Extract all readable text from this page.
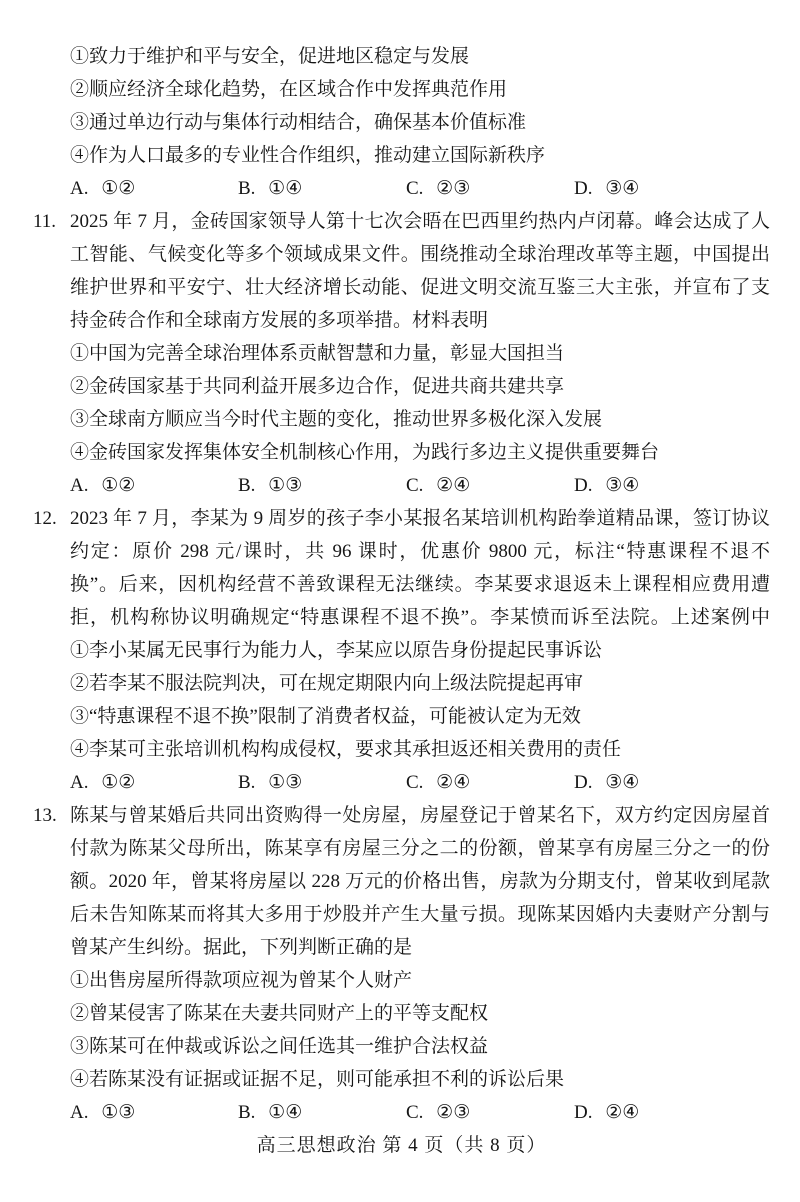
①致力于维护和平与安全，促进地区稳定与发展
②顺应经济全球化趋势，在区域合作中发挥典范作用
③通过单边行动与集体行动相结合，确保基本价值标准
④作为人口最多的专业性合作组织，推动建立国际新秩序
A. ①②	B. ①④	C. ②③	D. ③④
11. 2025 年 7 月，金砖国家领导人第十七次会晤在巴西里约热内卢闭幕。峰会达成了人
工智能、气候变化等多个领域成果文件。围绕推动全球治理改革等主题，中国提出
维护世界和平安宁、壮大经济增长动能、促进文明交流互鉴三大主张，并宣布了支
持金砖合作和全球南方发展的多项举措。材料表明
①中国为完善全球治理体系贡献智慧和力量，彰显大国担当
②金砖国家基于共同利益开展多边合作，促进共商共建共享
③全球南方顺应当今时代主题的变化，推动世界多极化深入发展
④金砖国家发挥集体安全机制核心作用，为践行多边主义提供重要舞台
A. ①②	B. ①③	C. ②④	D. ③④
12. 2023 年 7 月，李某为 9 周岁的孩子李小某报名某培训机构跆拳道精品课，签订协议
约定：原价 298 元/课时，共 96 课时，优惠价 9800 元，标注“特惠课程不退不
换”。后来，因机构经营不善致课程无法继续。李某要求退返未上课程相应费用遭
拒，机构称协议明确规定“特惠课程不退不换”。李某愤而诉至法院。上述案例中
①李小某属无民事行为能力人，李某应以原告身份提起民事诉讼
②若李某不服法院判决，可在规定期限内向上级法院提起再审
③“特惠课程不退不换”限制了消费者权益，可能被认定为无效
④李某可主张培训机构构成侵权，要求其承担返还相关费用的责任
A. ①②	B. ①③	C. ②④	D. ③④
13. 陈某与曾某婚后共同出资购得一处房屋，房屋登记于曾某名下，双方约定因房屋首
付款为陈某父母所出，陈某享有房屋三分之二的份额，曾某享有房屋三分之一的份
额。2020 年，曾某将房屋以 228 万元的价格出售，房款为分期支付，曾某收到尾款
后未告知陈某而将其大多用于炒股并产生大量亏损。现陈某因婚内夫妻财产分割与
曾某产生纠纷。据此，下列判断正确的是
①出售房屋所得款项应视为曾某个人财产
②曾某侵害了陈某在夫妻共同财产上的平等支配权
③陈某可在仲裁或诉讼之间任选其一维护合法权益
④若陈某没有证据或证据不足，则可能承担不利的诉讼后果
A. ①③	B. ①④	C. ②③	D. ②④
高三思想政治 第 4 页（共 8 页）
